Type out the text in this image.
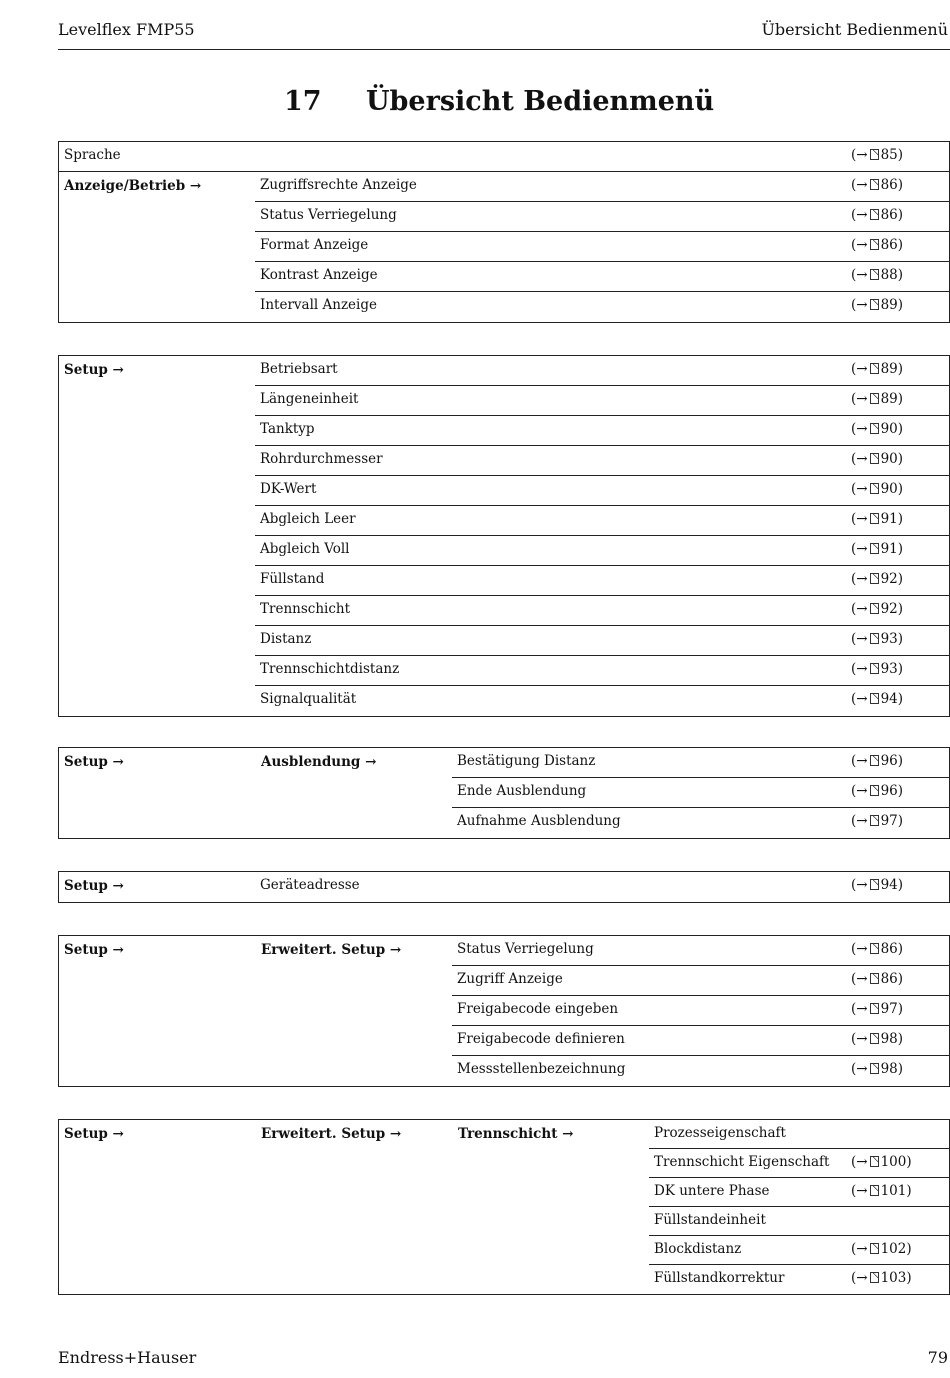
Levelflex FMP55	Übersicht Bedienmenü
17 Übersicht Bedienmenü
Sprache	(→ 85)
Anzeige/Betrieb →	Zugriffsrechte Anzeige	(→ 86)
Status Verriegelung	(→ 86)
Format Anzeige	(→ 86)
Kontrast Anzeige	(→ 88)
Intervall Anzeige	(→ 89)
Setup →	Betriebsart	(→ 89)
Längeneinheit	(→ 89)
Tanktyp	(→ 90)
Rohrdurchmesser	(→ 90)
DK-Wert	(→ 90)
Abgleich Leer	(→ 91)
Abgleich Voll	(→ 91)
Füllstand	(→ 92)
Trennschicht	(→ 92)
Distanz	(→ 93)
Trennschichtdistanz	(→ 93)
Signalqualität	(→ 94)
Setup →	Ausblendung →	Bestätigung Distanz	(→ 96)
Ende Ausblendung	(→ 96)
Aufnahme Ausblendung	(→ 97)
Setup →	Geräteadresse	(→ 94)
Setup →	Erweitert. Setup →	Status Verriegelung	(→ 86)
Zugriff Anzeige	(→ 86)
Freigabecode eingeben	(→ 97)
Freigabecode definieren	(→ 98)
Messstellenbezeichnung	(→ 98)
Setup →	Erweitert. Setup →	Trennschicht →	Prozesseigenschaft
Trennschicht Eigenschaft (→ 100)
DK untere Phase	(→ 101)
Füllstandeinheit
Blockdistanz	(→ 102)
Füllstandkorrektur	(→ 103)
Endress+Hauser	79
